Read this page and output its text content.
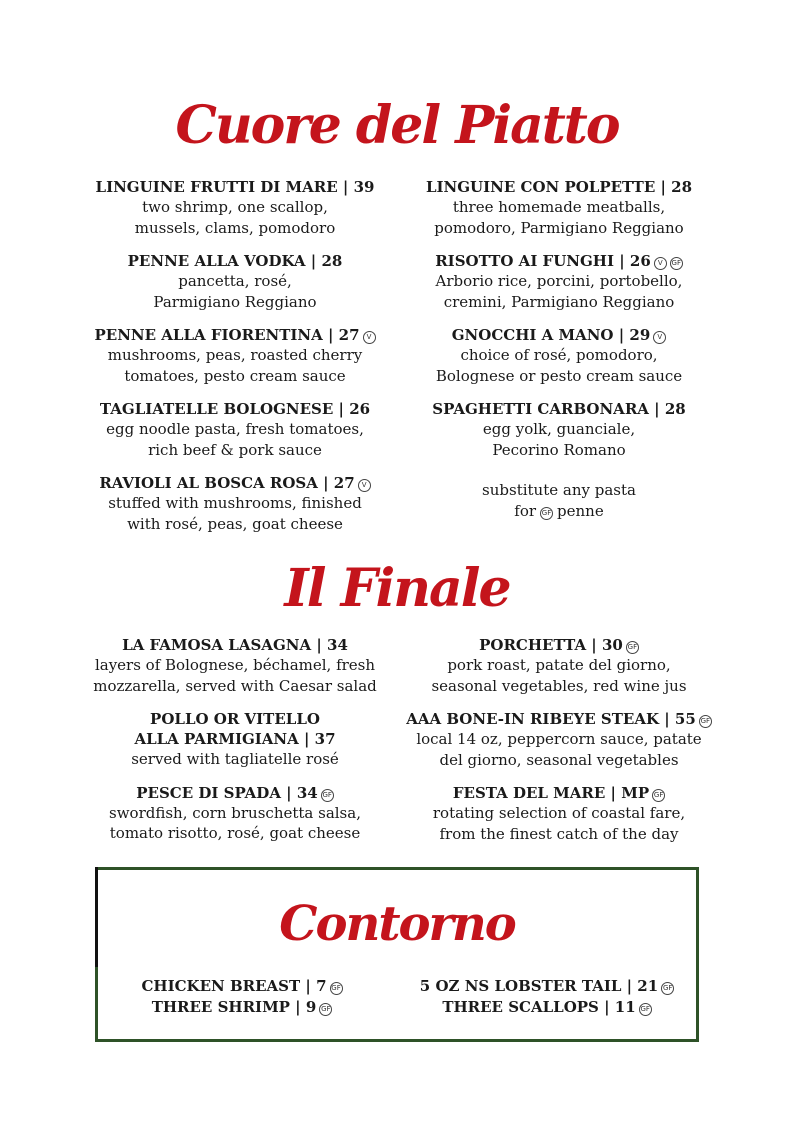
Cuore del Piatto
LINGUINE FRUTTI DI MARE | 39
two shrimp, one scallop,
mussels, clams, pomodoro
PENNE ALLA VODKA | 28
pancetta, rosé,
Parmigiano Reggiano
PENNE ALLA FIORENTINA | 27 V
mushrooms, peas, roasted cherry
tomatoes, pesto cream sauce
TAGLIATELLE BOLOGNESE | 26
egg noodle pasta, fresh tomatoes,
rich beef & pork sauce
RAVIOLI AL BOSCA ROSA | 27 V
stuffed with mushrooms, finished
with rosé, peas, goat cheese
LINGUINE CON POLPETTE | 28
three homemade meatballs,
pomodoro, Parmigiano Reggiano
RISOTTO AI FUNGHI | 26 V GF
Arborio rice, porcini, portobello,
cremini, Parmigiano Reggiano
GNOCCHI A MANO | 29 V
choice of rosé, pomodoro,
Bolognese or pesto cream sauce
SPAGHETTI CARBONARA | 28
egg yolk, guanciale,
Pecorino Romano
substitute any pasta
for GF penne
Il Finale
LA FAMOSA LASAGNA | 34
layers of Bolognese, béchamel, fresh
mozzarella, served with Caesar salad
POLLO OR VITELLO
ALLA PARMIGIANA | 37
served with tagliatelle rosé
PESCE DI SPADA | 34 GF
swordfish, corn bruschetta salsa,
tomato risotto, rosé, goat cheese
PORCHETTA | 30 GF
pork roast, patate del giorno,
seasonal vegetables, red wine jus
AAA BONE-IN RIBEYE STEAK | 55 GF
local 14 oz, peppercorn sauce, patate
del giorno, seasonal vegetables
FESTA DEL MARE | MP GF
rotating selection of coastal fare,
from the finest catch of the day
Contorno
CHICKEN BREAST | 7 GF
THREE SHRIMP | 9 GF
5 OZ NS LOBSTER TAIL | 21 GF
THREE SCALLOPS | 11 GF
